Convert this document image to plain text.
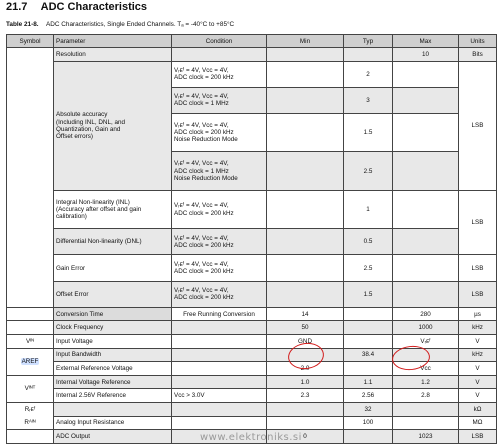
21.7 ADC Characteristics
Table 21-8. ADC Characteristics, Single Ended Channels. Tₐ = -40°C to +85°C
Symbol	Parameter	Condition	Min	Typ	Max	Units
	Resolution				10	Bits

	Absolute accuracy
(Including INL, DNL, and
Quantization, Gain and
Offset errors)	Vᵣᴇᶠ = 4V, Vᴄᴄ = 4V,
ADC clock = 200 kHz		2		LSB

		Vᵣᴇᶠ = 4V, Vᴄᴄ = 4V,
ADC clock = 1 MHz		3		

		Vᵣᴇᶠ = 4V, Vᴄᴄ = 4V,
ADC clock = 200 kHz
Noise Reduction Mode		1.5		

		Vᵣᴇᶠ = 4V, Vᴄᴄ = 4V,
ADC clock = 1 MHz
Noise Reduction Mode		2.5		

	Integral Non-linearity (INL)
(Accuracy after offset and gain
calibration)	Vᵣᴇᶠ = 4V, Vᴄᴄ = 4V,
ADC clock = 200 kHz		1		LSB
	Differential Non-linearity (DNL)	Vᵣᴇᶠ = 4V, Vᴄᴄ = 4V,
ADC clock = 200 kHz		0.5		
	Gain Error	Vᵣᴇᶠ = 4V, Vᴄᴄ = 4V,
ADC clock = 200 kHz		2.5		LSB
	Offset Error	Vᵣᴇᶠ = 4V, Vᴄᴄ = 4V,
ADC clock = 200 kHz		1.5		LSB
	Conversion Time	Free Running Conversion	14		280	µs
	Clock Frequency		50		1000	kHz
Vᴵᴺ	Input Voltage		GND		Vᵣᴇᶠ	V
AREF	Input Bandwidth			38.4		kHz
	External Reference Voltage		2.0		Vᴄᴄ	V
Vᴵᴺᵀ	Internal Voltage Reference		1.0	1.1	1.2	V
	Internal 2.56V Reference	Vᴄᴄ > 3.0V	2.3	2.56	2.8	V
Rᵣᴇᶠ				32		kΩ
Rᴬᴵᴺ	Analog Input Resistance			100		MΩ
	ADC Output		0		1023	LSB
www.elektroniks.si
